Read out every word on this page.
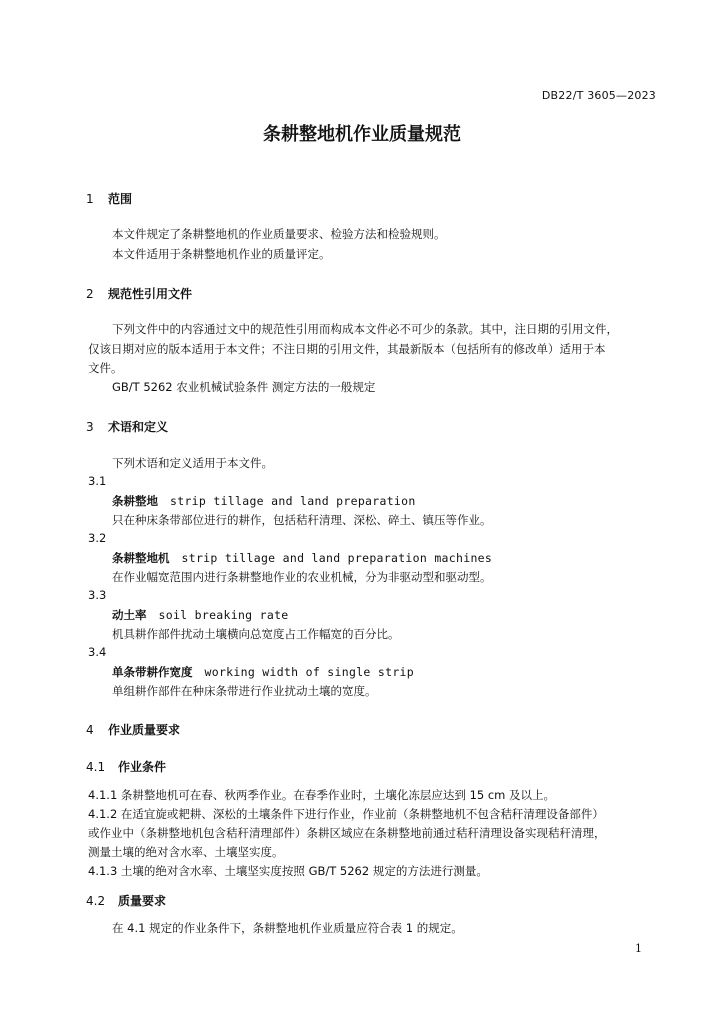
DB22/T 3605—2023
条耕整地机作业质量规范
1 范围
本文件规定了条耕整地机的作业质量要求、检验方法和检验规则。
本文件适用于条耕整地机作业的质量评定。
2 规范性引用文件
下列文件中的内容通过文中的规范性引用而构成本文件必不可少的条款。其中，注日期的引用文件，
仅该日期对应的版本适用于本文件；不注日期的引用文件，其最新版本（包括所有的修改单）适用于本
文件。
GB/T 5262 农业机械试验条件 测定方法的一般规定
3 术语和定义
下列术语和定义适用于本文件。
3.1
条耕整地 strip tillage and land preparation
只在种床条带部位进行的耕作，包括秸秆清理、深松、碎土、镇压等作业。
3.2
条耕整地机 strip tillage and land preparation machines
在作业幅宽范围内进行条耕整地作业的农业机械，分为非驱动型和驱动型。
3.3
动土率 soil breaking rate
机具耕作部件扰动土壤横向总宽度占工作幅宽的百分比。
3.4
单条带耕作宽度 working width of single strip
单组耕作部件在种床条带进行作业扰动土壤的宽度。
4 作业质量要求
4.1 作业条件
4.1.1 条耕整地机可在春、秋两季作业。在春季作业时，土壤化冻层应达到 15 cm 及以上。
4.1.2 在适宜旋或耙耕、深松的土壤条件下进行作业，作业前（条耕整地机不包含秸秆清理设备部件）
或作业中（条耕整地机包含秸秆清理部件）条耕区域应在条耕整地前通过秸秆清理设备实现秸秆清理，
测量土壤的绝对含水率、土壤坚实度。
4.1.3 土壤的绝对含水率、土壤坚实度按照 GB/T 5262 规定的方法进行测量。
4.2 质量要求
在 4.1 规定的作业条件下，条耕整地机作业质量应符合表 1 的规定。
1
